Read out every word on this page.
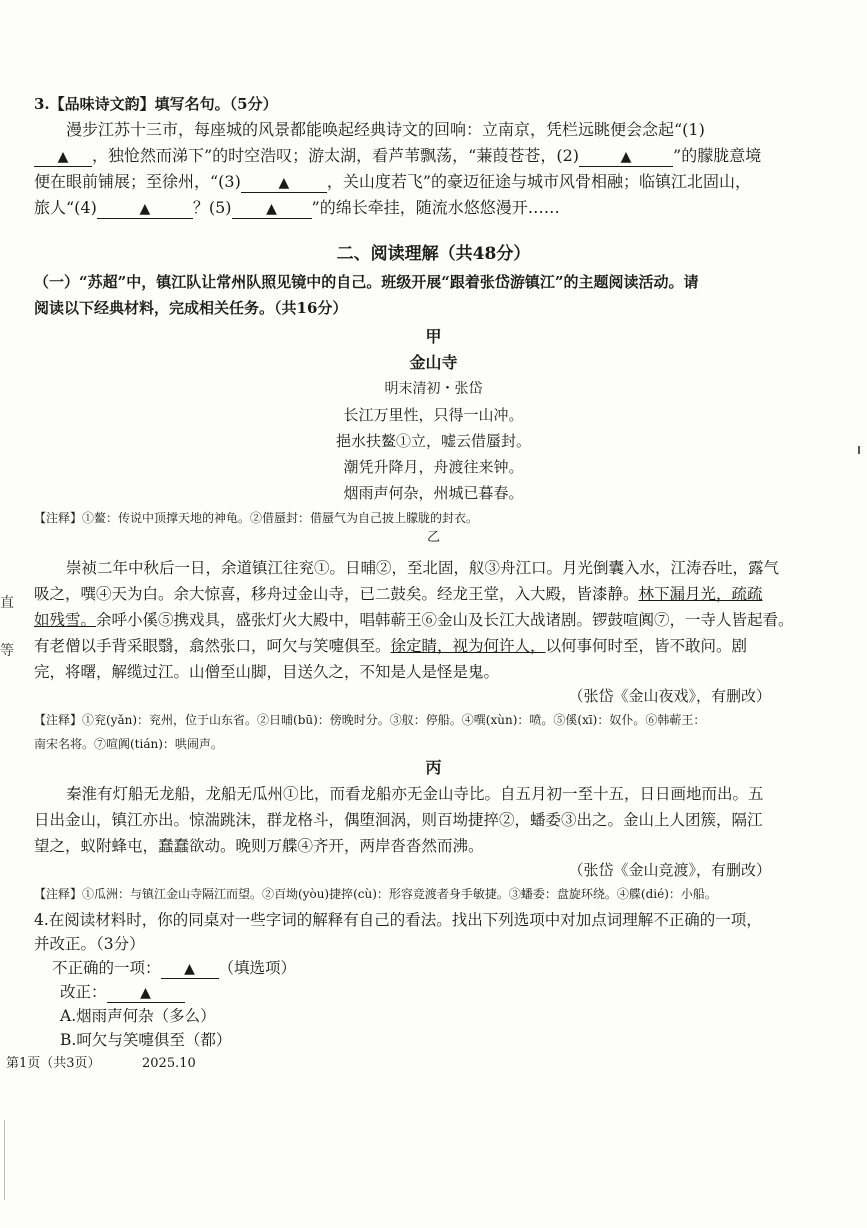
3.【品味诗文韵】填写名句。（5分）
漫步江苏十三市，每座城的风景都能唤起经典诗文的回响：立南京，凭栏远眺便会念起“(1)
▲ ，独怆然而涕下”的时空浩叹；游太湖，看芦苇飘荡，“蒹葭苍苍，(2)	▲	”的朦胧意境
便在眼前铺展；至徐州，“(3)	▲ ，关山度若飞”的豪迈征途与城市风骨相融；临镇江北固山，
旅人“(4)	▲	？(5) ▲ ”的绵长牵挂，随流水悠悠漫开……
二、阅读理解（共48分）
（一）“苏超”中，镇江队让常州队照见镜中的自己。班级开展“跟着张岱游镇江”的主题阅读活动。请
阅读以下经典材料，完成相关任务。（共16分）
甲
金山寺
明末清初・张岱
长江万里性，只得一山冲。
挹水扶鳌①立，嘘云借蜃封。
潮凭升降月，舟渡往来钟。
烟雨声何杂，州城已暮春。
【注释】①鳌：传说中顶撑天地的神龟。②借蜃封：借蜃气为自己披上朦胧的封衣。
乙
崇祯二年中秋后一日，余道镇江往兖①。日晡②，至北固，舣③舟江口。月光倒囊入水，江涛吞吐，露气
吸之，噀④天为白。余大惊喜，移舟过金山寺，已二鼓矣。经龙王堂，入大殿，皆漆静。林下漏月光，疏疏
如残雪。余呼小傒⑤携戏具，盛张灯火大殿中，唱韩蕲王⑥金山及长江大战诸剧。锣鼓喧阗⑦，一寺人皆起看。
有老僧以手背采眼翳，翕然张口，呵欠与笑嚏俱至。徐定睛，视为何许人，以何事何时至，皆不敢问。剧
完，将曙，解缆过江。山僧至山脚，目送久之，不知是人是怪是鬼。
（张岱《金山夜戏》，有删改）
【注释】①兖(yǎn)：兖州，位于山东省。②日晡(bū)：傍晚时分。③舣：停船。④噀(xùn)：喷。⑤傒(xī)：奴仆。⑥韩蕲王：
南宋名将。⑦喧阗(tián)：哄闹声。
丙
秦淮有灯船无龙船，龙船无瓜州①比，而看龙船亦无金山寺比。自五月初一至十五，日日画地而出。五
日出金山，镇江亦出。惊湍跳沫，群龙格斗，偶堕洄涡，则百坳捷捽②，蟠委③出之。金山上人团簇，隔江
望之，蚁附蜂屯，蠢蠢欲动。晚则万艓④齐开，两岸沓沓然而沸。
（张岱《金山竞渡》，有删改）
【注释】①瓜洲：与镇江金山寺隔江而望。②百坳(yòu)捷捽(cù)：形容竞渡者身手敏捷。③蟠委：盘旋环绕。④艓(dié)：小船。
4.在阅读材料时，你的同桌对一些字词的解释有自己的看法。找出下列选项中对加点词理解不正确的一项，
并改正。（3分）
不正确的一项： ▲ （填选项）
改正： ▲
A.烟雨声何杂（多么）
B.呵欠与笑嚏俱至（都）
第1页（共3页）	2025.10
直
等
